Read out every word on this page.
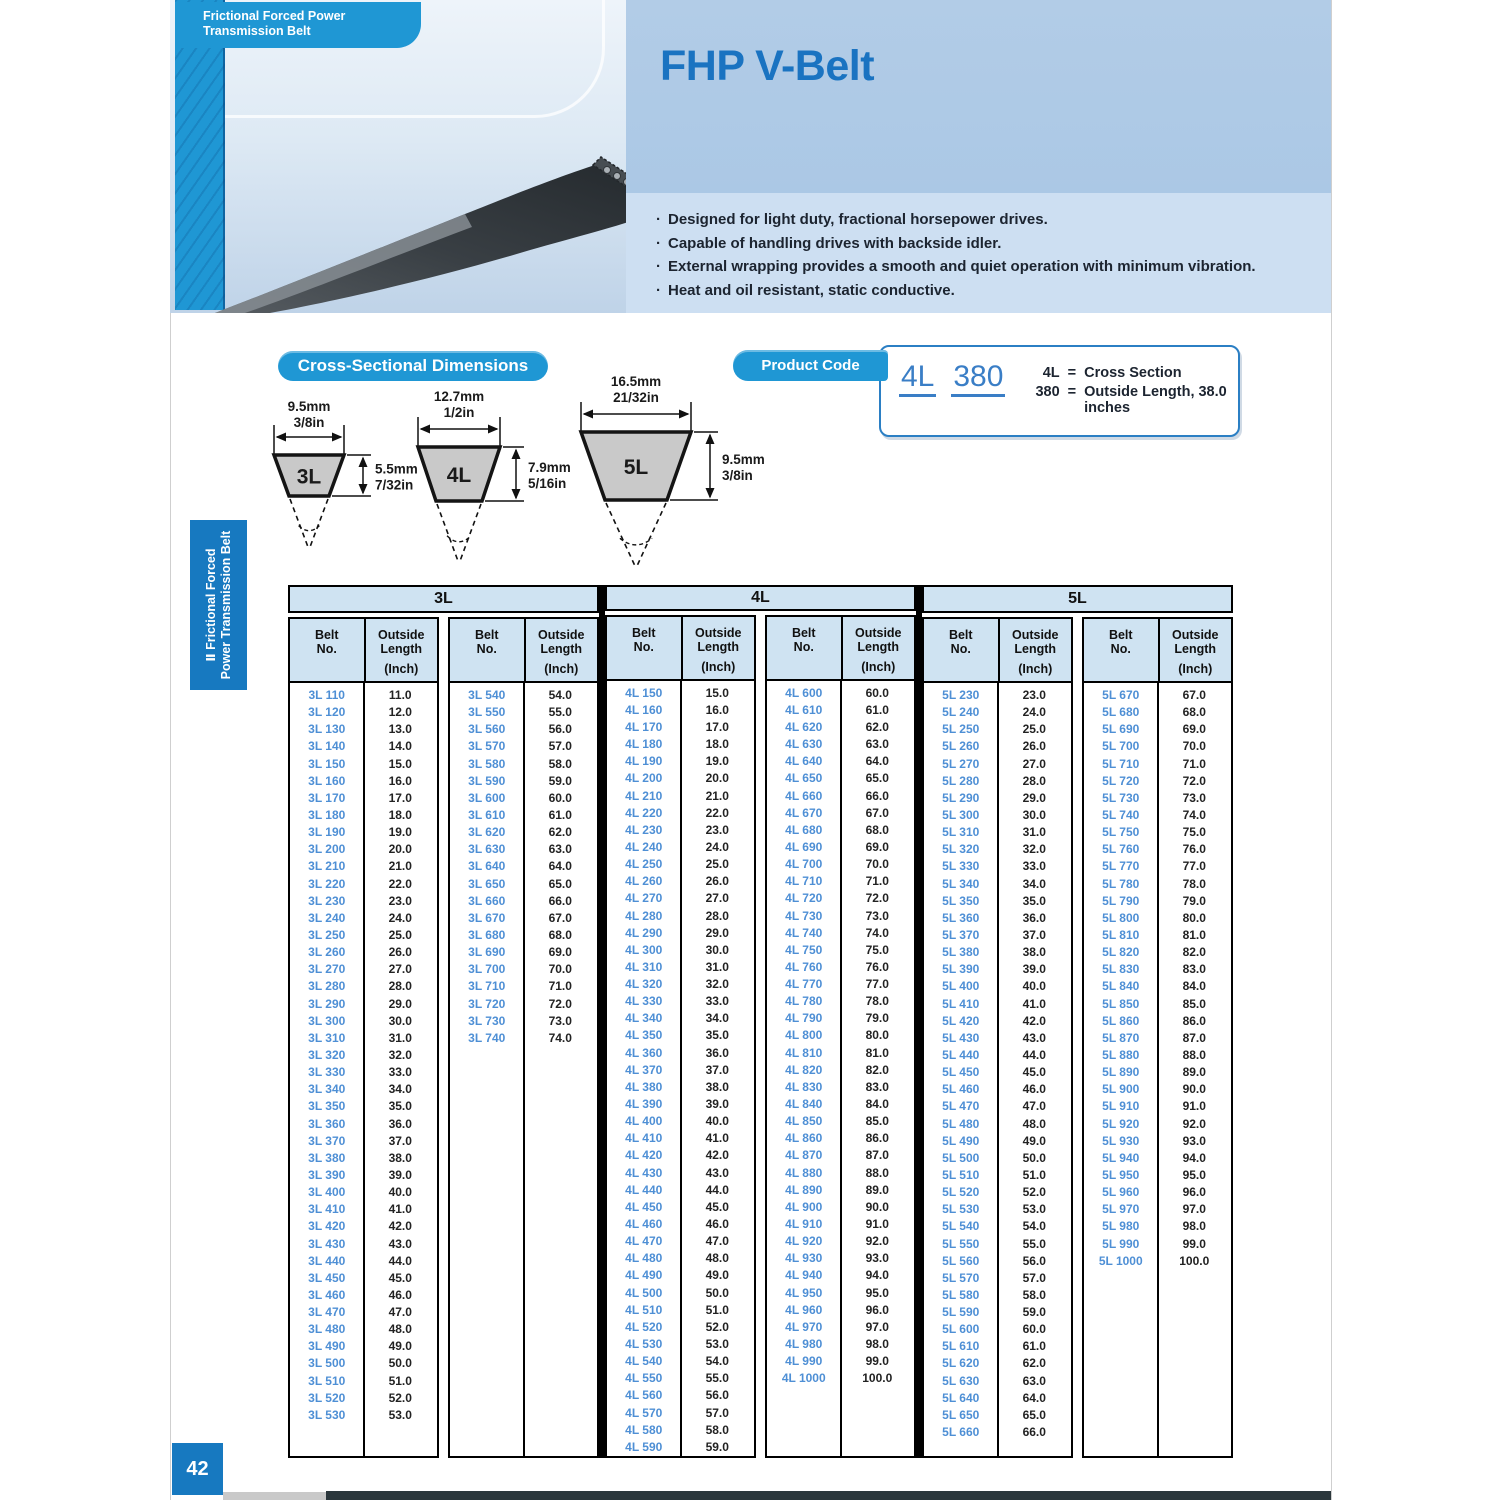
Frictional Forced Power
Transmission Belt
FHP V-Belt
· Designed for light duty, fractional horsepower drives.
· Capable of handling drives with backside idler.
· External wrapping provides a smooth and quiet operation with minimum vibration.
· Heat and oil resistant, static conductive.
Cross-Sectional Dimensions
9.5mm
3/8in
3L	5.5mm
7/32in
12.7mm
1/2in
4L	7.9mm
5/16in
16.5mm
21/32in
5L	9.5mm
3/8in
4L 380	4L = Cross Section
380 = Outside Length, 38.0 inches
Product Code
3L
Belt
No.
Outside
Length
(Inch)
3L 110	11.0
3L 120	12.0
3L 130	13.0
3L 140	14.0
3L 150	15.0
3L 160	16.0
3L 170	17.0
3L 180	18.0
3L 190	19.0
3L 200	20.0
3L 210	21.0
3L 220	22.0
3L 230	23.0
3L 240	24.0
3L 250	25.0
3L 260	26.0
3L 270	27.0
3L 280	28.0
3L 290	29.0
3L 300	30.0
3L 310	31.0
3L 320	32.0
3L 330	33.0
3L 340	34.0
3L 350	35.0
3L 360	36.0
3L 370	37.0
3L 380	38.0
3L 390	39.0
3L 400	40.0
3L 410	41.0
3L 420	42.0
3L 430	43.0
3L 440	44.0
3L 450	45.0
3L 460	46.0
3L 470	47.0
3L 480	48.0
3L 490	49.0
3L 500	50.0
3L 510	51.0
3L 520	52.0
3L 530	53.0
Belt
No.
Outside
Length
(Inch)
3L 540	54.0
3L 550	55.0
3L 560	56.0
3L 570	57.0
3L 580	58.0
3L 590	59.0
3L 600	60.0
3L 610	61.0
3L 620	62.0
3L 630	63.0
3L 640	64.0
3L 650	65.0
3L 660	66.0
3L 670	67.0
3L 680	68.0
3L 690	69.0
3L 700	70.0
3L 710	71.0
3L 720	72.0
3L 730	73.0
3L 740	74.0
4L
Belt
No.
Outside
Length
(Inch)
4L 150	15.0
4L 160	16.0
4L 170	17.0
4L 180	18.0
4L 190	19.0
4L 200	20.0
4L 210	21.0
4L 220	22.0
4L 230	23.0
4L 240	24.0
4L 250	25.0
4L 260	26.0
4L 270	27.0
4L 280	28.0
4L 290	29.0
4L 300	30.0
4L 310	31.0
4L 320	32.0
4L 330	33.0
4L 340	34.0
4L 350	35.0
4L 360	36.0
4L 370	37.0
4L 380	38.0
4L 390	39.0
4L 400	40.0
4L 410	41.0
4L 420	42.0
4L 430	43.0
4L 440	44.0
4L 450	45.0
4L 460	46.0
4L 470	47.0
4L 480	48.0
4L 490	49.0
4L 500	50.0
4L 510	51.0
4L 520	52.0
4L 530	53.0
4L 540	54.0
4L 550	55.0
4L 560	56.0
4L 570	57.0
4L 580	58.0
4L 590	59.0
Belt
No.
Outside
Length
(Inch)
4L 600	60.0
4L 610	61.0
4L 620	62.0
4L 630	63.0
4L 640	64.0
4L 650	65.0
4L 660	66.0
4L 670	67.0
4L 680	68.0
4L 690	69.0
4L 700	70.0
4L 710	71.0
4L 720	72.0
4L 730	73.0
4L 740	74.0
4L 750	75.0
4L 760	76.0
4L 770	77.0
4L 780	78.0
4L 790	79.0
4L 800	80.0
4L 810	81.0
4L 820	82.0
4L 830	83.0
4L 840	84.0
4L 850	85.0
4L 860	86.0
4L 870	87.0
4L 880	88.0
4L 890	89.0
4L 900	90.0
4L 910	91.0
4L 920	92.0
4L 930	93.0
4L 940	94.0
4L 950	95.0
4L 960	96.0
4L 970	97.0
4L 980	98.0
4L 990	99.0
4L 1000	100.0
5L
Belt
No.
Outside
Length
(Inch)
5L 230	23.0
5L 240	24.0
5L 250	25.0
5L 260	26.0
5L 270	27.0
5L 280	28.0
5L 290	29.0
5L 300	30.0
5L 310	31.0
5L 320	32.0
5L 330	33.0
5L 340	34.0
5L 350	35.0
5L 360	36.0
5L 370	37.0
5L 380	38.0
5L 390	39.0
5L 400	40.0
5L 410	41.0
5L 420	42.0
5L 430	43.0
5L 440	44.0
5L 450	45.0
5L 460	46.0
5L 470	47.0
5L 480	48.0
5L 490	49.0
5L 500	50.0
5L 510	51.0
5L 520	52.0
5L 530	53.0
5L 540	54.0
5L 550	55.0
5L 560	56.0
5L 570	57.0
5L 580	58.0
5L 590	59.0
5L 600	60.0
5L 610	61.0
5L 620	62.0
5L 630	63.0
5L 640	64.0
5L 650	65.0
5L 660	66.0
Belt
No.
Outside
Length
(Inch)
5L 670	67.0
5L 680	68.0
5L 690	69.0
5L 700	70.0
5L 710	71.0
5L 720	72.0
5L 730	73.0
5L 740	74.0
5L 750	75.0
5L 760	76.0
5L 770	77.0
5L 780	78.0
5L 790	79.0
5L 800	80.0
5L 810	81.0
5L 820	82.0
5L 830	83.0
5L 840	84.0
5L 850	85.0
5L 860	86.0
5L 870	87.0
5L 880	88.0
5L 890	89.0
5L 900	90.0
5L 910	91.0
5L 920	92.0
5L 930	93.0
5L 940	94.0
5L 950	95.0
5L 960	96.0
5L 970	97.0
5L 980	98.0
5L 990	99.0
5L 1000	100.0
Ⅱ Frictional Forced Power Transmission Belt
42
